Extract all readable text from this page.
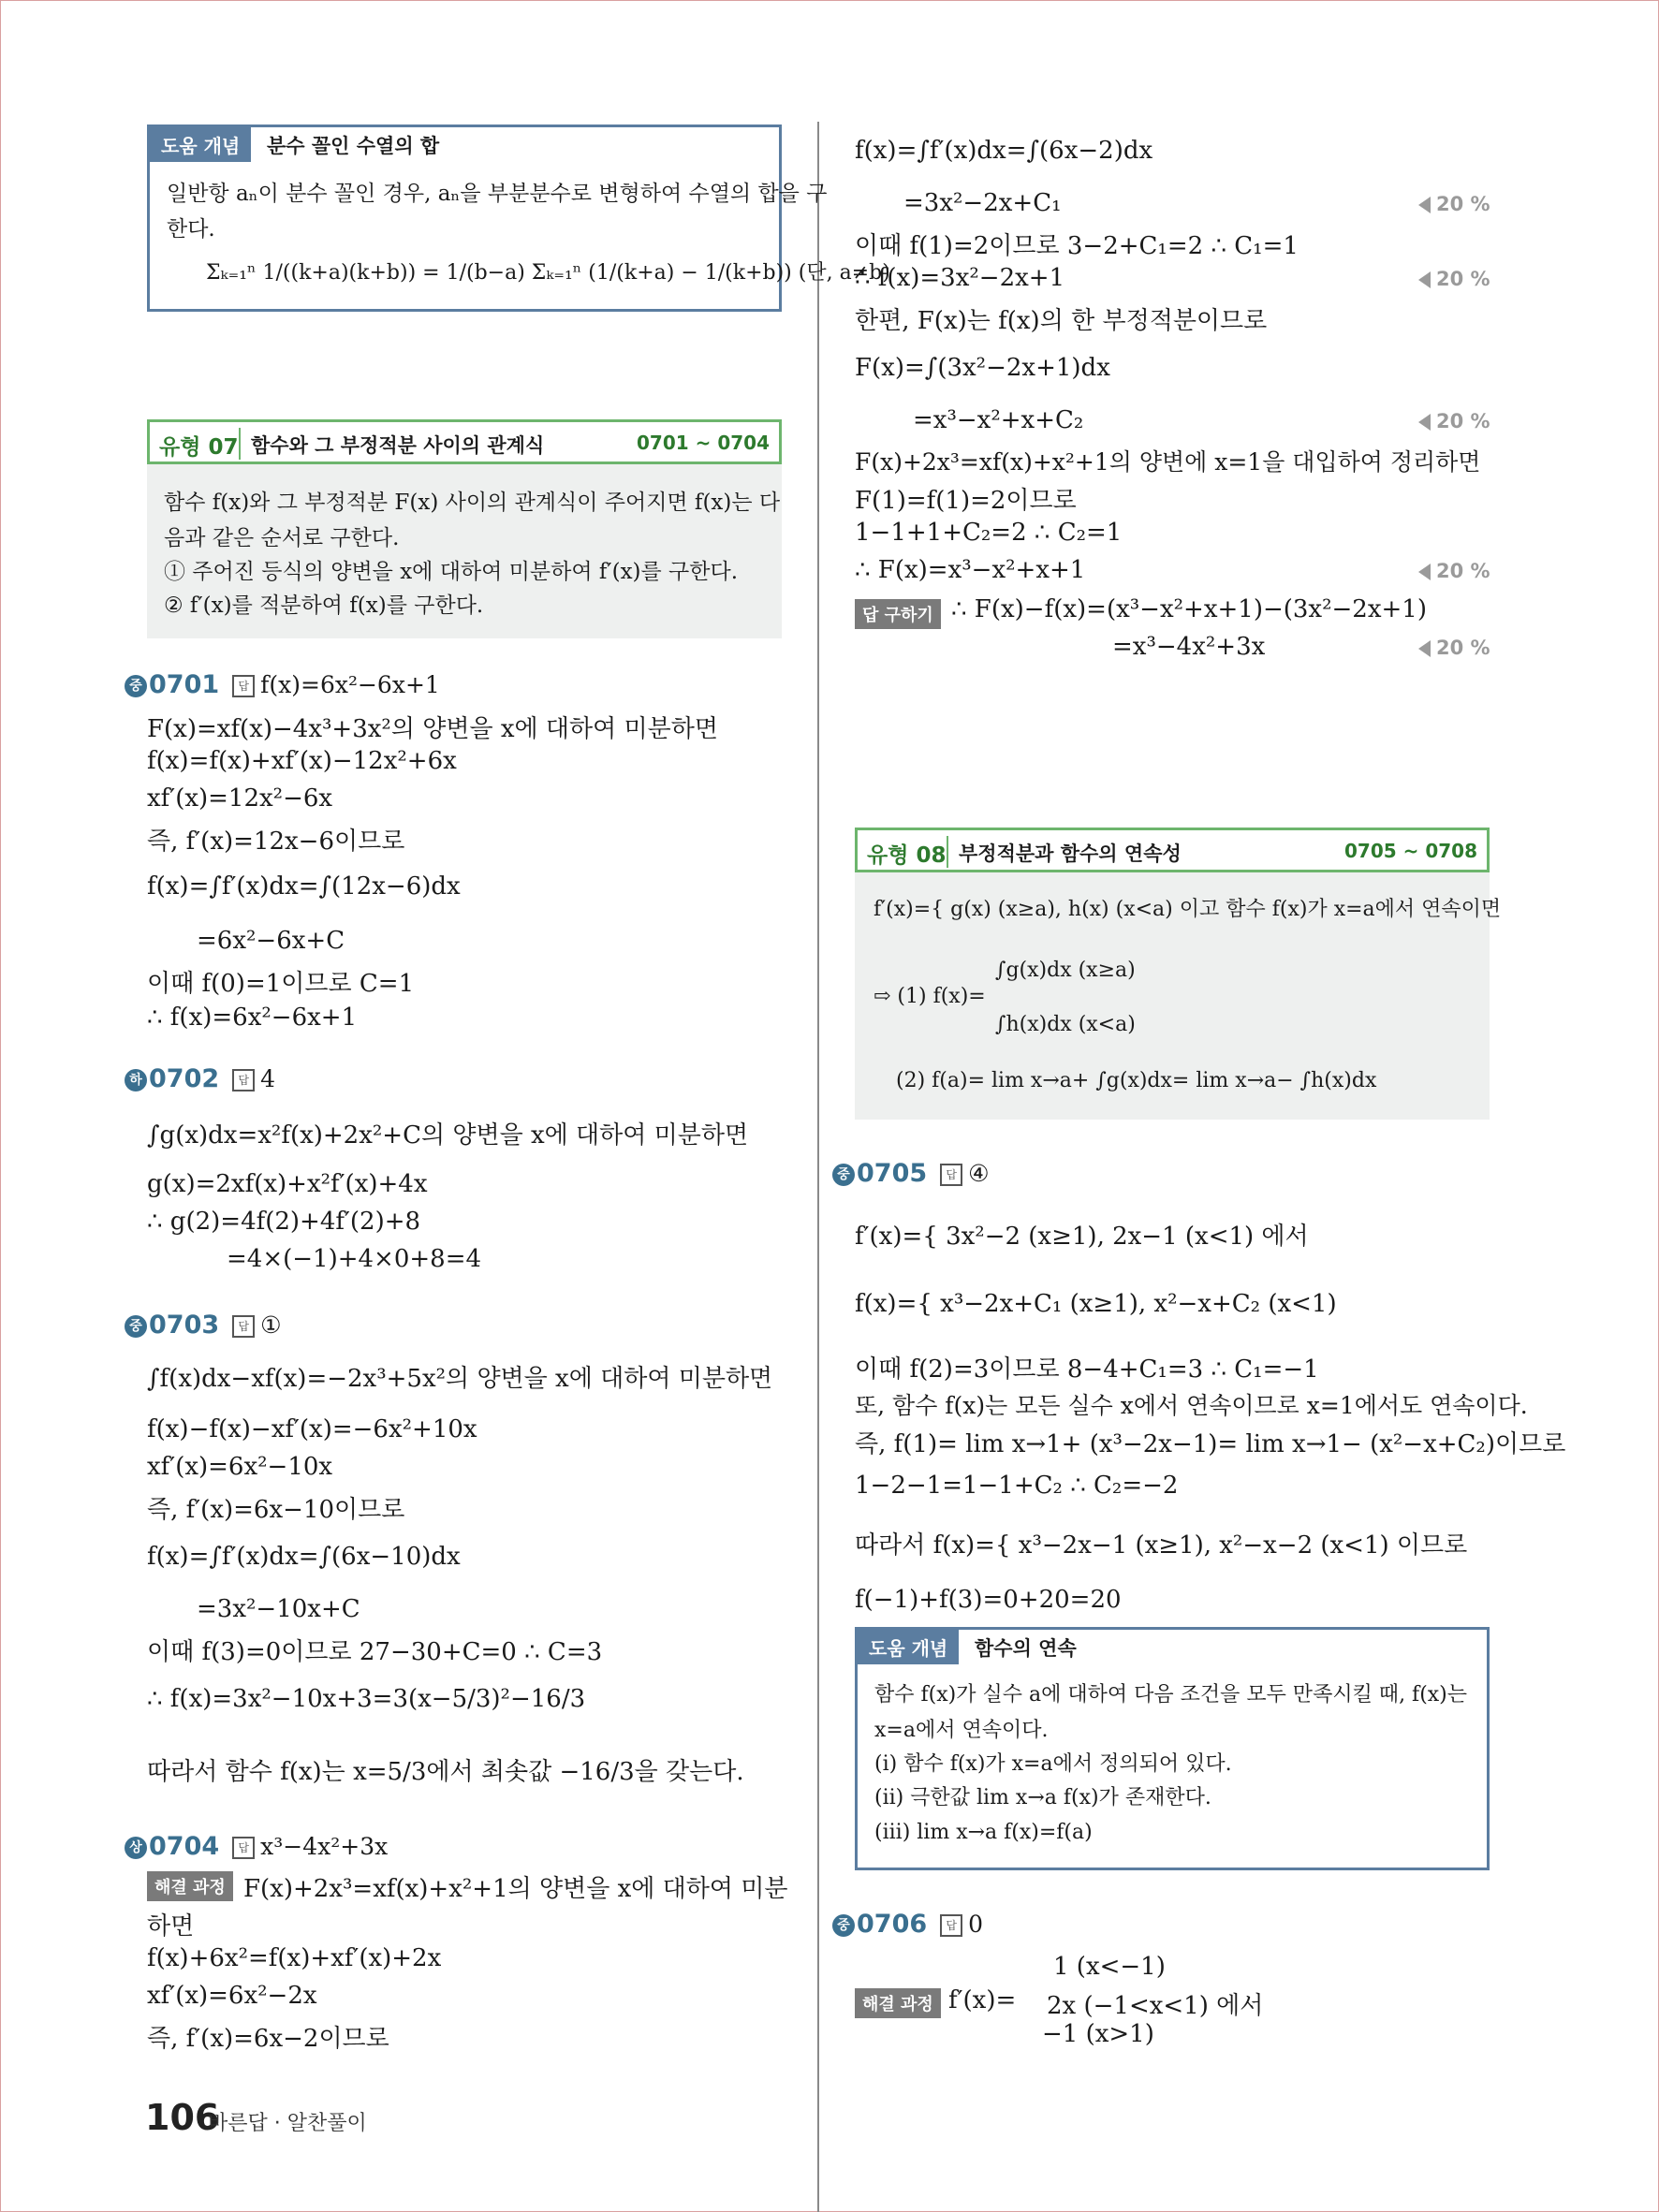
도움 개념	분수 꼴인 수열의 합
일반항 aₙ이 분수 꼴인 경우, aₙ을 부분분수로 변형하여 수열의 합을 구
한다.
Σₖ₌₁ⁿ 1/((k+a)(k+b)) = 1/(b−a) Σₖ₌₁ⁿ (1/(k+a) − 1/(k+b)) (단, a≠b)
유형 07 함수와 그 부정적분 사이의 관계식	0701 ~ 0704
함수 f(x)와 그 부정적분 F(x) 사이의 관계식이 주어지면 f(x)는 다
음과 같은 순서로 구한다.
① 주어진 등식의 양변을 x에 대하여 미분하여 f′(x)를 구한다.
② f′(x)를 적분하여 f(x)를 구한다.
중 0701 답 f(x)=6x²−6x+1
F(x)=xf(x)−4x³+3x²의 양변을 x에 대하여 미분하면
f(x)=f(x)+xf′(x)−12x²+6x
xf′(x)=12x²−6x
즉, f′(x)=12x−6이므로
f(x)=∫f′(x)dx=∫(12x−6)dx
=6x²−6x+C
이때 f(0)=1이므로 C=1
∴ f(x)=6x²−6x+1
하 0702 답 4
∫g(x)dx=x²f(x)+2x²+C의 양변을 x에 대하여 미분하면
g(x)=2xf(x)+x²f′(x)+4x
∴ g(2)=4f(2)+4f′(2)+8
=4×(−1)+4×0+8=4
중 0703 답 ①
∫f(x)dx−xf(x)=−2x³+5x²의 양변을 x에 대하여 미분하면
f(x)−f(x)−xf′(x)=−6x²+10x
xf′(x)=6x²−10x
즉, f′(x)=6x−10이므로
f(x)=∫f′(x)dx=∫(6x−10)dx
=3x²−10x+C
이때 f(3)=0이므로 27−30+C=0 ∴ C=3
∴ f(x)=3x²−10x+3=3(x−5/3)²−16/3
따라서 함수 f(x)는 x=5/3에서 최솟값 −16/3을 갖는다.
상 0704 답 x³−4x²+3x
해결 과정 F(x)+2x³=xf(x)+x²+1의 양변을 x에 대하여 미분
하면
f(x)+6x²=f(x)+xf′(x)+2x
xf′(x)=6x²−2x
즉, f′(x)=6x−2이므로
f(x)=∫f′(x)dx=∫(6x−2)dx
=3x²−2x+C₁	20 %
이때 f(1)=2이므로 3−2+C₁=2 ∴ C₁=1
∴ f(x)=3x²−2x+1	20 %
한편, F(x)는 f(x)의 한 부정적분이므로
F(x)=∫(3x²−2x+1)dx
=x³−x²+x+C₂	20 %
F(x)+2x³=xf(x)+x²+1의 양변에 x=1을 대입하여 정리하면
F(1)=f(1)=2이므로
1−1+1+C₂=2 ∴ C₂=1
∴ F(x)=x³−x²+x+1	20 %
답 구하기 ∴ F(x)−f(x)=(x³−x²+x+1)−(3x²−2x+1)
=x³−4x²+3x	20 %
유형 08 부정적분과 함수의 연속성	0705 ~ 0708
f′(x)={ g(x) (x≥a), h(x) (x<a) 이고 함수 f(x)가 x=a에서 연속이면
⇨ (1) f(x)=
∫g(x)dx (x≥a)
∫h(x)dx (x<a)
(2) f(a)= lim x→a+ ∫g(x)dx= lim x→a− ∫h(x)dx
중 0705 답 ④
f′(x)={ 3x²−2 (x≥1), 2x−1 (x<1) 에서
f(x)={ x³−2x+C₁ (x≥1), x²−x+C₂ (x<1)
이때 f(2)=3이므로 8−4+C₁=3 ∴ C₁=−1
또, 함수 f(x)는 모든 실수 x에서 연속이므로 x=1에서도 연속이다.
즉, f(1)= lim x→1+ (x³−2x−1)= lim x→1− (x²−x+C₂)이므로
1−2−1=1−1+C₂ ∴ C₂=−2
따라서 f(x)={ x³−2x−1 (x≥1), x²−x−2 (x<1) 이므로
f(−1)+f(3)=0+20=20
도움 개념	함수의 연속
함수 f(x)가 실수 a에 대하여 다음 조건을 모두 만족시킬 때, f(x)는
x=a에서 연속이다.
(i) 함수 f(x)가 x=a에서 정의되어 있다.
(ii) 극한값 lim x→a f(x)가 존재한다.
(iii) lim x→a f(x)=f(a)
중 0706 답 0
해결 과정 f′(x)=
1 (x<−1)
2x (−1<x<1) 에서
−1 (x>1)
106
바른답 · 알찬풀이
